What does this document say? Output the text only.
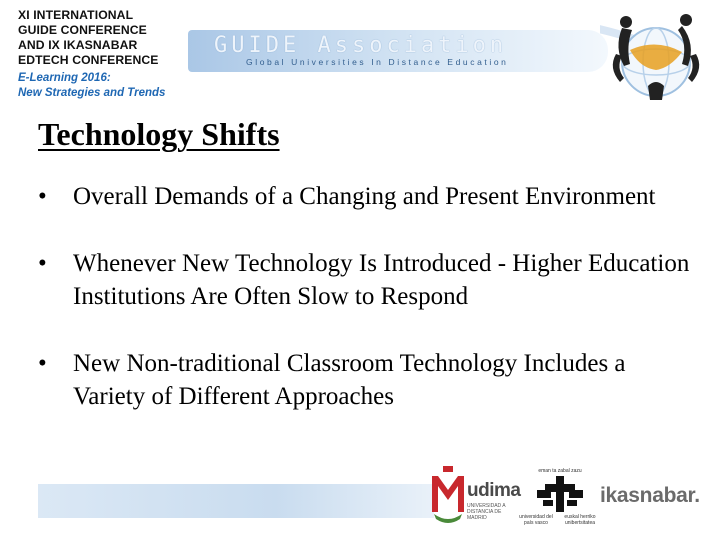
XI INTERNATIONAL
GUIDE CONFERENCE
AND IX IKASNABAR
EDTECH CONFERENCE
E-Learning 2016:
New Strategies and Trends
GUIDE Association
Global Universities In Distance Education
Technology Shifts
• Overall Demands of a Changing and Present Environment
• Whenever New Technology Is Introduced - Higher Education Institutions Are Often Slow to Respond
• New Non-traditional Classroom Technology Includes a Variety of Different Approaches
udima
UNIVERSIDAD A DISTANCIA DE MADRID
eman ta zabal zazu
universidad del país vasco
euskal herriko unibertsitatea
ikasnabar.
